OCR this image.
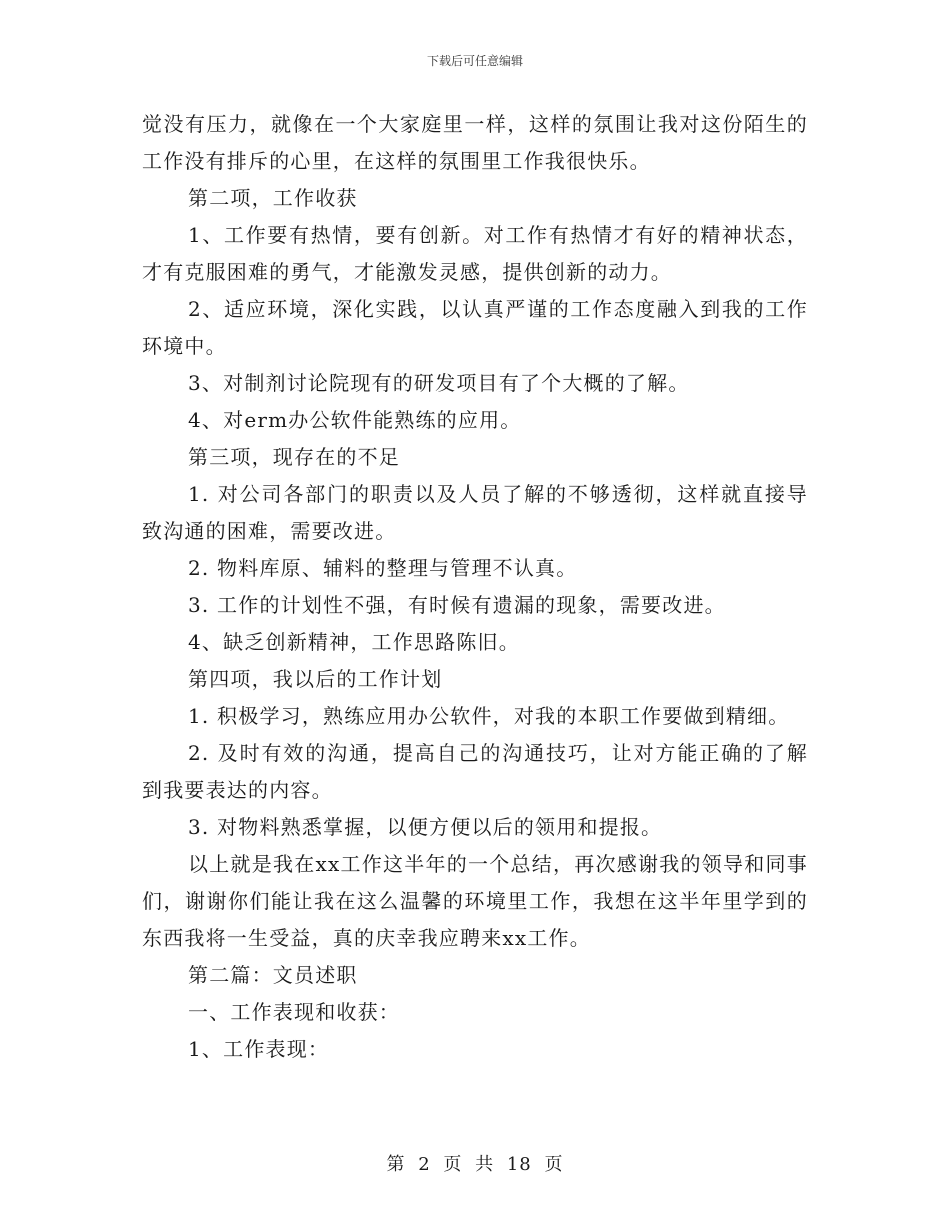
下载后可任意编辑

觉没有压力，就像在一个大家庭里一样，这样的氛围让我对这份陌生的工作没有排斥的心里，在这样的氛围里工作我很快乐。

第二项，工作收获

1、工作要有热情，要有创新。对工作有热情才有好的精神状态，才有克服困难的勇气，才能激发灵感，提供创新的动力。

2、适应环境，深化实践，以认真严谨的工作态度融入到我的工作环境中。

3、对制剂讨论院现有的研发项目有了个大概的了解。

4、对erm办公软件能熟练的应用。

第三项，现存在的不足

1. 对公司各部门的职责以及人员了解的不够透彻，这样就直接导致沟通的困难，需要改进。

2. 物料库原、辅料的整理与管理不认真。

3. 工作的计划性不强，有时候有遗漏的现象，需要改进。

4、缺乏创新精神，工作思路陈旧。

第四项，我以后的工作计划

1. 积极学习，熟练应用办公软件，对我的本职工作要做到精细。

2. 及时有效的沟通，提高自己的沟通技巧，让对方能正确的了解到我要表达的内容。

3. 对物料熟悉掌握，以便方便以后的领用和提报。

以上就是我在xx工作这半年的一个总结，再次感谢我的领导和同事们，谢谢你们能让我在这么温馨的环境里工作，我想在这半年里学到的东西我将一生受益，真的庆幸我应聘来xx工作。

第二篇：文员述职

一、工作表现和收获：

1、工作表现：

第 2 页 共 18 页
